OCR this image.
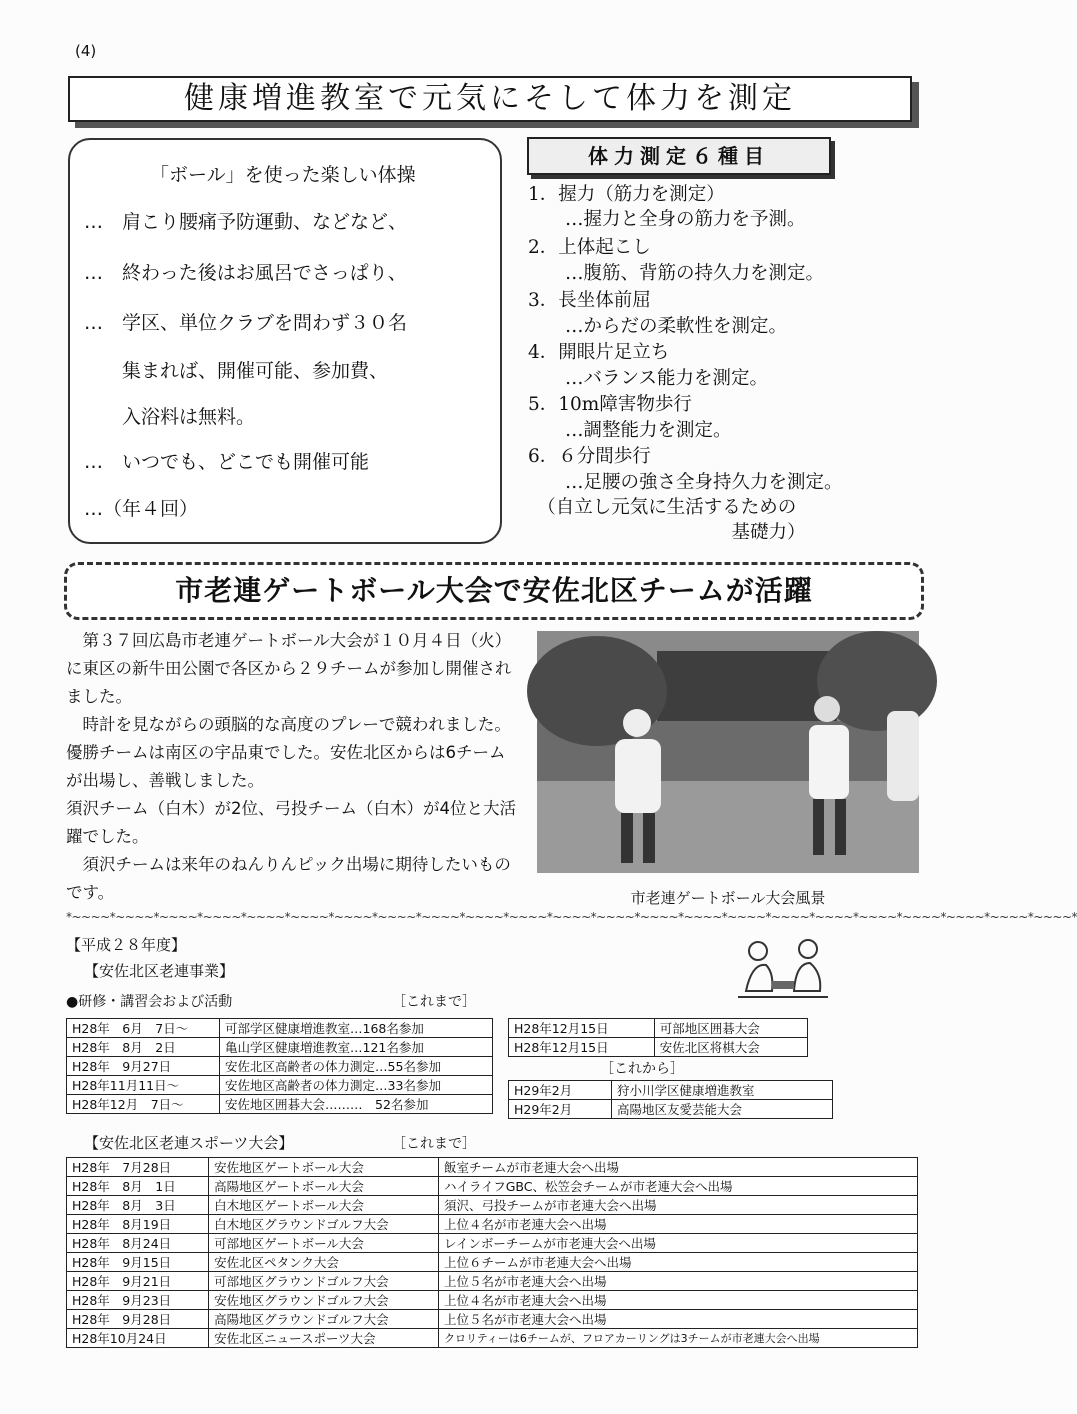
(4)
健康増進教室で元気にそして体力を測定
「ボール」を使った楽しい体操
…　肩こり腰痛予防運動、などなど、
…　終わった後はお風呂でさっぱり、
…　学区、単位クラブを問わず３０名
　　集まれば、開催可能、参加費、
　　入浴料は無料。
…　いつでも、どこでも開催可能
…（年４回）
体力測定６種目
1．握力（筋力を測定）
　　…握力と全身の筋力を予測。
2．上体起こし
　　…腹筋、背筋の持久力を測定。
3．長坐体前屈
　　…からだの柔軟性を測定。
4．開眼片足立ち
　　…バランス能力を測定。
5．10m障害物歩行
　　…調整能力を測定。
6．６分間歩行
　　…足腰の強さ全身持久力を測定。
　（自立し元気に生活するための
　　　　　　　　　　　基礎力）
市老連ゲートボール大会で安佐北区チームが活躍

　第３７回広島市老連ゲートボール大会が１０月４日（火）に東区の新牛田公園で各区から２９チームが参加し開催されました。

　時計を見ながらの頭脳的な高度のプレーで競われました。優勝チームは南区の宇品東でした。安佐北区からは6チームが出場し、善戦しました。

須沢チーム（白木）が2位、弓投チーム（白木）が4位と大活躍でした。

　須沢チームは来年のねんりんピック出場に期待したいものです。	市老連ゲートボール大会風景
*~~~~*~~~~*~~~~*~~~~*~~~~*~~~~*~~~~*~~~~*~~~~*~~~~*~~~~*~~~~*~~~~*~~~~*~~~~*~~~~*~~~~*~~~~*~~~~*~~~~*~~~~*~~~~*~~~~*
【平成２８年度】
【安佐北区老連事業】
●研修・講習会および活動	［これまで］
H28年　6月　7日～	可部学区健康増進教室…168名参加
H28年　8月　2日	亀山学区健康増進教室…121名参加
H28年　9月27日	安佐北区高齢者の体力測定…55名参加
H28年11月11日～	安佐地区高齢者の体力測定…33名参加
H28年12月　7日～	安佐地区囲碁大会………　52名参加
H28年12月15日	可部地区囲碁大会
H28年12月15日	安佐北区将棋大会
［これから］
H29年2月	狩小川学区健康増進教室
H29年2月	高陽地区友愛芸能大会
【安佐北区老連スポーツ大会】	［これまで］
H28年　7月28日	安佐地区ゲートボール大会	飯室チームが市老連大会へ出場
H28年　8月　1日	高陽地区ゲートボール大会	ハイライフGBC、松笠会チームが市老連大会へ出場
H28年　8月　3日	白木地区ゲートボール大会	須沢、弓投チームが市老連大会へ出場
H28年　8月19日	白木地区グラウンドゴルフ大会	上位４名が市老連大会へ出場
H28年　8月24日	可部地区ゲートボール大会	レインボーチームが市老連大会へ出場
H28年　9月15日	安佐北区ペタンク大会	上位６チームが市老連大会へ出場
H28年　9月21日	可部地区グラウンドゴルフ大会	上位５名が市老連大会へ出場
H28年　9月23日	安佐地区グラウンドゴルフ大会	上位４名が市老連大会へ出場
H28年　9月28日	高陽地区グラウンドゴルフ大会	上位５名が市老連大会へ出場
H28年10月24日	安佐北区ニュースポーツ大会	クロリティーは6チームが、フロアカーリングは3チームが市老連大会へ出場
